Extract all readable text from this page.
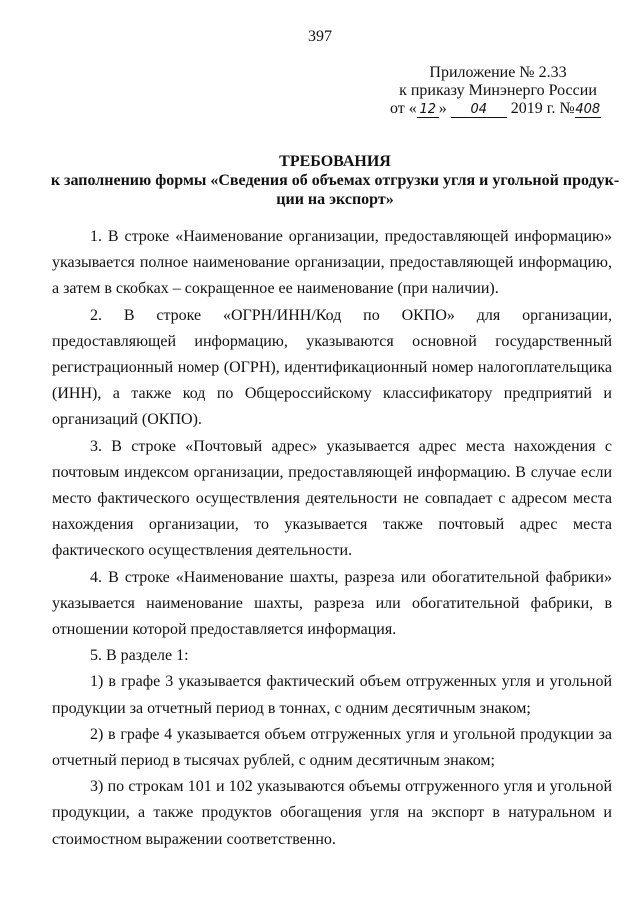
397
Приложение № 2.33
к приказу Минэнерго России
от « 12 » 04 2019 г. №408
ТРЕБОВАНИЯ
к заполнению формы «Сведения об объемах отгрузки угля и угольной продук-
ции на экспорт»

1. В строке «Наименование организации, предоставляющей информацию» указывается полное наименование организации, предоставляющей информацию, а затем в скобках – сокращенное ее наименование (при наличии).

2. В строке «ОГРН/ИНН/Код по ОКПО» для организации, предоставляющей информацию, указываются основной государственный регистрационный номер (ОГРН), идентификационный номер налогоплательщика (ИНН), а также код по Общероссийскому классификатору предприятий и организаций (ОКПО).

3. В строке «Почтовый адрес» указывается адрес места нахождения с почтовым индексом организации, предоставляющей информацию. В случае если место фактического осуществления деятельности не совпадает с адресом места нахождения организации, то указывается также почтовый адрес места фактического осуществления деятельности.

4. В строке «Наименование шахты, разреза или обогатительной фабрики» указывается наименование шахты, разреза или обогатительной фабрики, в отношении которой предоставляется информация.

5. В разделе 1:

1) в графе 3 указывается фактический объем отгруженных угля и угольной продукции за отчетный период в тоннах, с одним десятичным знаком;

2) в графе 4 указывается объем отгруженных угля и угольной продукции за отчетный период в тысячах рублей, с одним десятичным знаком;

3) по строкам 101 и 102 указываются объемы отгруженного угля и угольной продукции, а также продуктов обогащения угля на экспорт в натуральном и стоимостном выражении соответственно.
